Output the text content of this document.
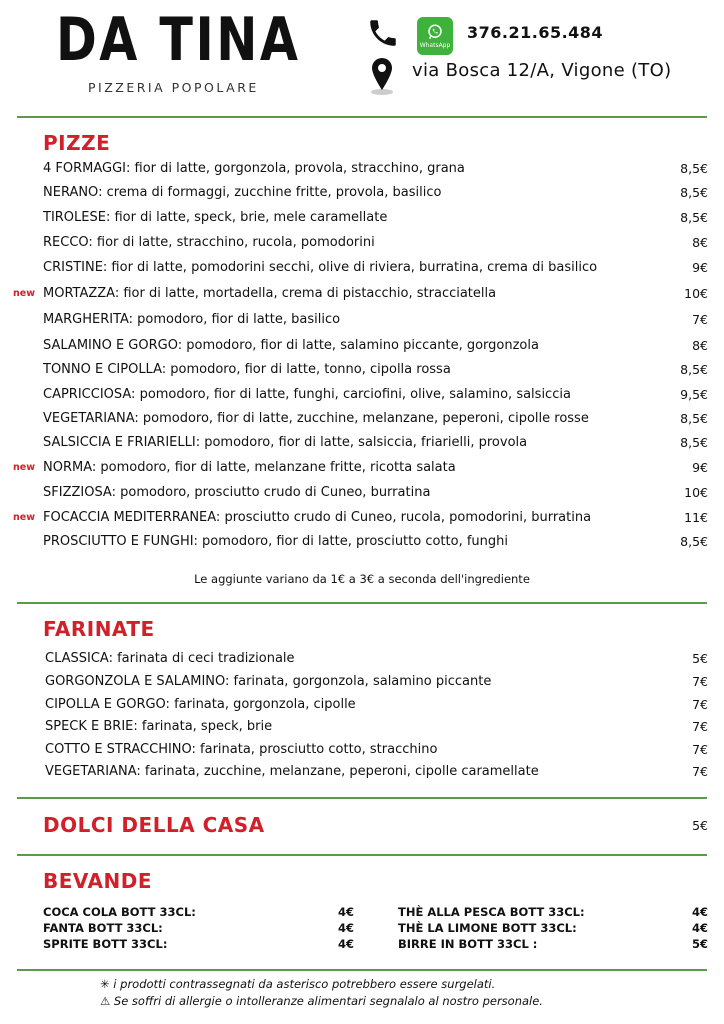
DA TINA
PIZZERIA POPOLARE
WhatsApp
376.21.65.484
via Bosca 12/A, Vigone (TO)
PIZZE
4 FORMAGGI: fior di latte, gorgonzola, provola, stracchino, grana	8,5€
NERANO: crema di formaggi, zucchine fritte, provola, basilico	8,5€
TIROLESE: fior di latte, speck, brie, mele caramellate	8,5€
RECCO: fior di latte, stracchino, rucola, pomodorini	8€
CRISTINE: fior di latte, pomodorini secchi, olive di riviera, burratina, crema di basilico	9€
new MORTAZZA: fior di latte, mortadella, crema di pistacchio, stracciatella	10€
MARGHERITA: pomodoro, fior di latte, basilico	7€
SALAMINO E GORGO: pomodoro, fior di latte, salamino piccante, gorgonzola	8€
TONNO E CIPOLLA: pomodoro, fior di latte, tonno, cipolla rossa	8,5€
CAPRICCIOSA: pomodoro, fior di latte, funghi, carciofini, olive, salamino, salsiccia	9,5€
VEGETARIANA: pomodoro, fior di latte, zucchine, melanzane, peperoni, cipolle rosse	8,5€
SALSICCIA E FRIARIELLI: pomodoro, fior di latte, salsiccia, friarielli, provola	8,5€
new NORMA: pomodoro, fior di latte, melanzane fritte, ricotta salata	9€
SFIZZIOSA: pomodoro, prosciutto crudo di Cuneo, burratina	10€
new FOCACCIA MEDITERRANEA: prosciutto crudo di Cuneo, rucola, pomodorini, burratina	11€
PROSCIUTTO E FUNGHI: pomodoro, fior di latte, prosciutto cotto, funghi	8,5€
Le aggiunte variano da 1€ a 3€ a seconda dell'ingrediente
FARINATE
CLASSICA: farinata di ceci tradizionale	5€
GORGONZOLA E SALAMINO: farinata, gorgonzola, salamino piccante	7€
CIPOLLA E GORGO: farinata, gorgonzola, cipolle	7€
SPECK E BRIE: farinata, speck, brie	7€
COTTO E STRACCHINO: farinata, prosciutto cotto, stracchino	7€
VEGETARIANA: farinata, zucchine, melanzane, peperoni, cipolle caramellate	7€
DOLCI DELLA CASA	5€
BEVANDE
COCA COLA BOTT 33CL:	4€
FANTA BOTT 33CL:	4€
SPRITE BOTT 33CL:	4€
THÈ ALLA PESCA BOTT 33CL:	4€
THÈ LA LIMONE BOTT 33CL:	4€
BIRRE IN BOTT 33CL :	5€
✳ i prodotti contrassegnati da asterisco potrebbero essere surgelati.
⚠ Se soffri di allergie o intolleranze alimentari segnalalo al nostro personale.
